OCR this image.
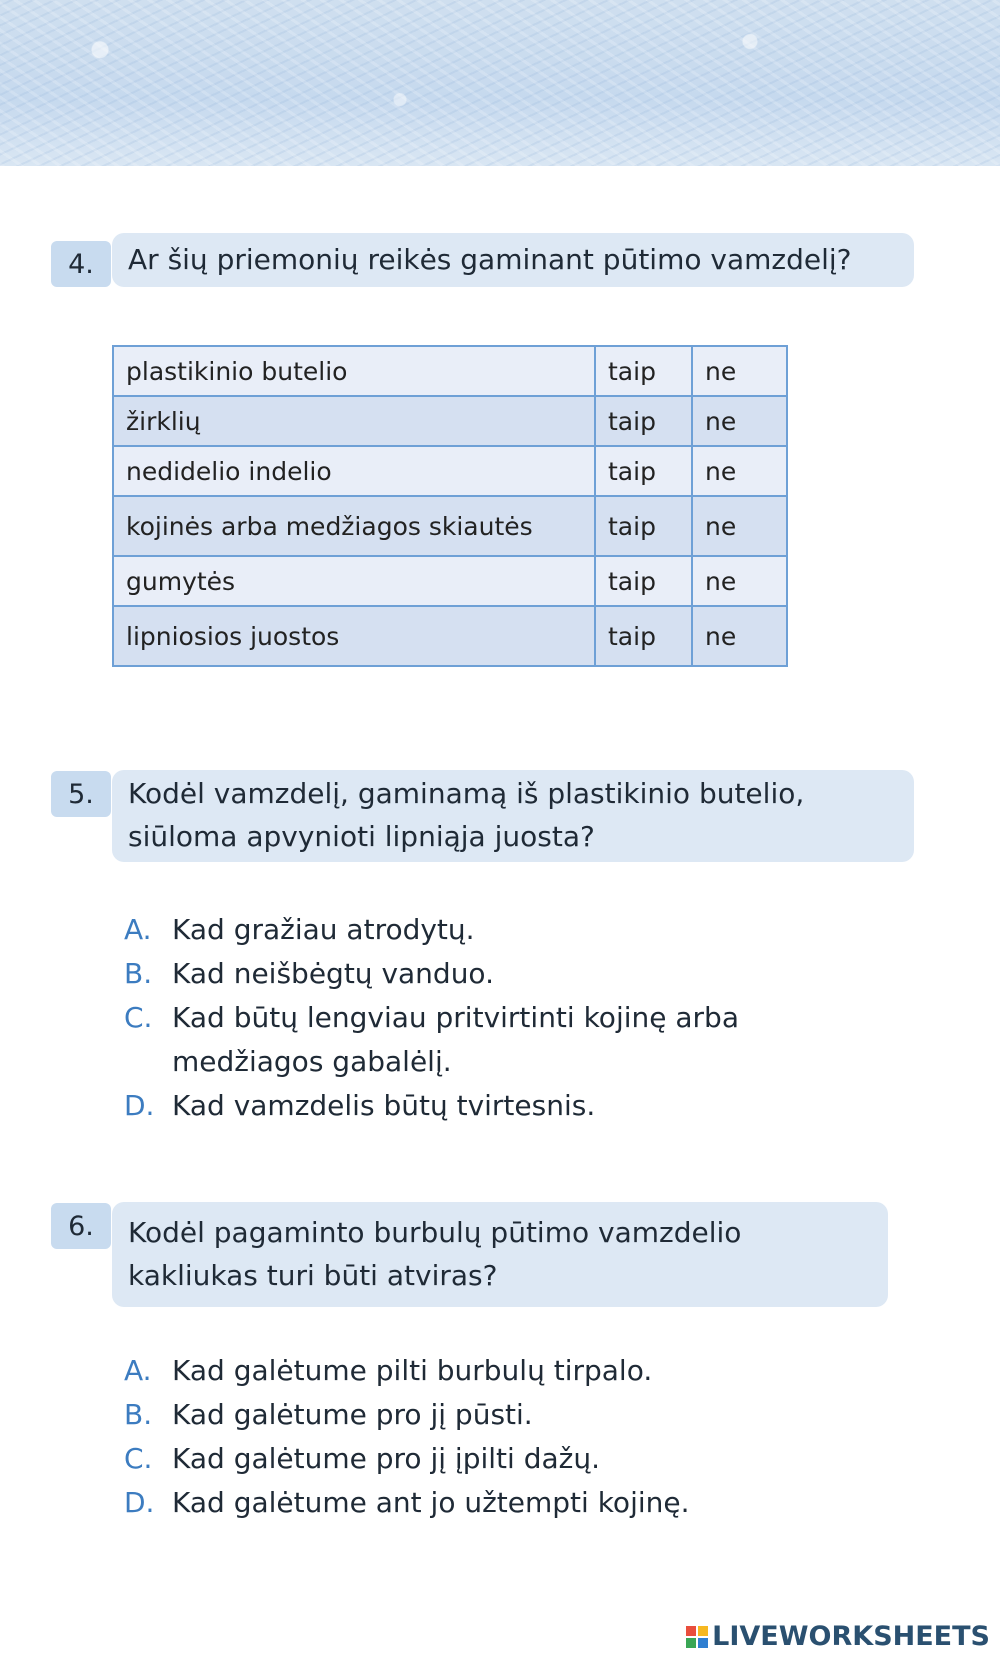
4.	Ar šių priemonių reikės gaminant pūtimo vamzdelį?
plastikinio butelio	taip	ne
žirklių	taip	ne
nedidelio indelio	taip	ne
kojinės arba medžiagos skiautės	taip	ne
gumytės	taip	ne
lipniosios juostos	taip	ne
5.	Kodėl vamzdelį, gaminamą iš plastikinio butelio,
siūloma apvynioti lipniąja juosta?
A. Kad gražiau atrodytų.
B. Kad neišbėgtų vanduo.
C. Kad būtų lengviau pritvirtinti kojinę arba
medžiagos gabalėlį.
D. Kad vamzdelis būtų tvirtesnis.
6.	Kodėl pagaminto burbulų pūtimo vamzdelio
kakliukas turi būti atviras?
A. Kad galėtume pilti burbulų tirpalo.
B. Kad galėtume pro jį pūsti.
C. Kad galėtume pro jį įpilti dažų.
D. Kad galėtume ant jo užtempti kojinę.
LIVEWORKSHEETS
